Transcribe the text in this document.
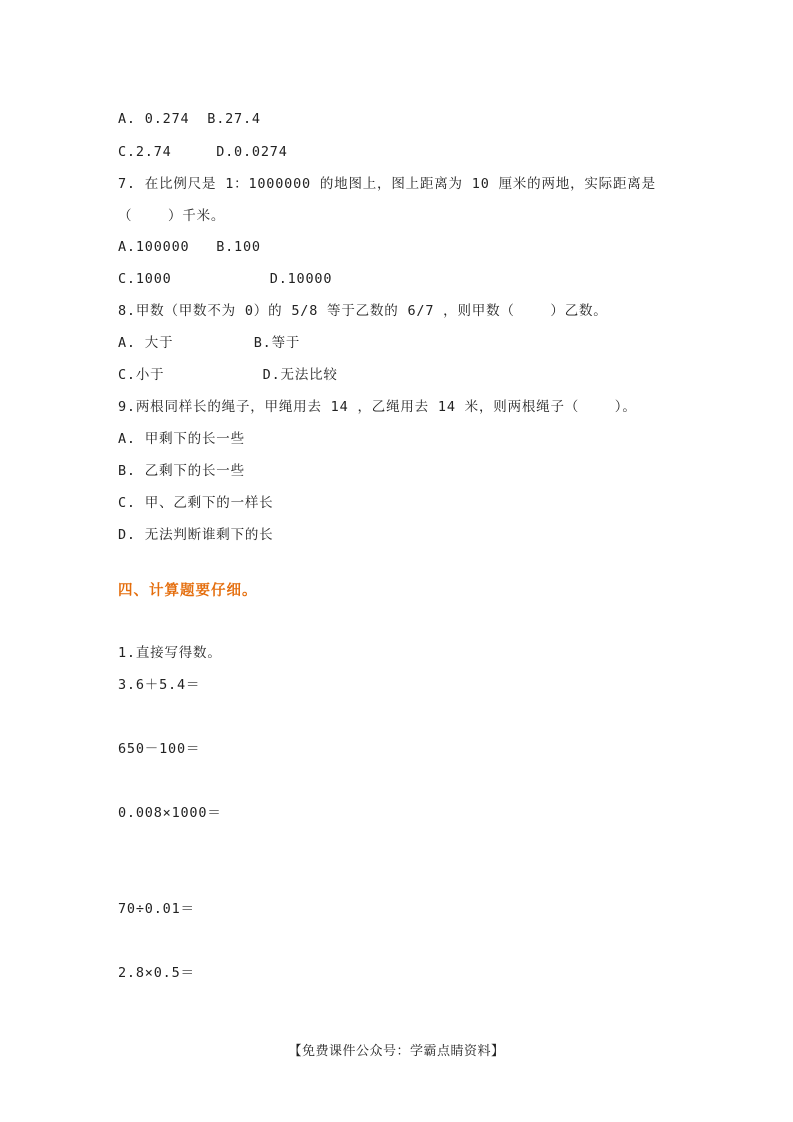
A. 0.274  B.27.4
C.2.74     D.0.0274
7. 在比例尺是 1：1000000 的地图上，图上距离为 10 厘米的两地，实际距离是
（    ）千米。
A.100000   B.100
C.1000           D.10000
8.甲数（甲数不为 0）的 5/8 等于乙数的 6/7 ，则甲数（    ）乙数。
A. 大于         B.等于
C.小于           D.无法比较
9.两根同样长的绳子，甲绳用去 14 ，乙绳用去 14 米，则两根绳子（    ）。
A. 甲剩下的长一些
B. 乙剩下的长一些
C. 甲、乙剩下的一样长
D. 无法判断谁剩下的长
四、计算题要仔细。
1.直接写得数。
3.6＋5.4＝
650－100＝
0.008×1000＝
70÷0.01＝
2.8×0.5＝
【免费课件公众号：学霸点睛资料】
